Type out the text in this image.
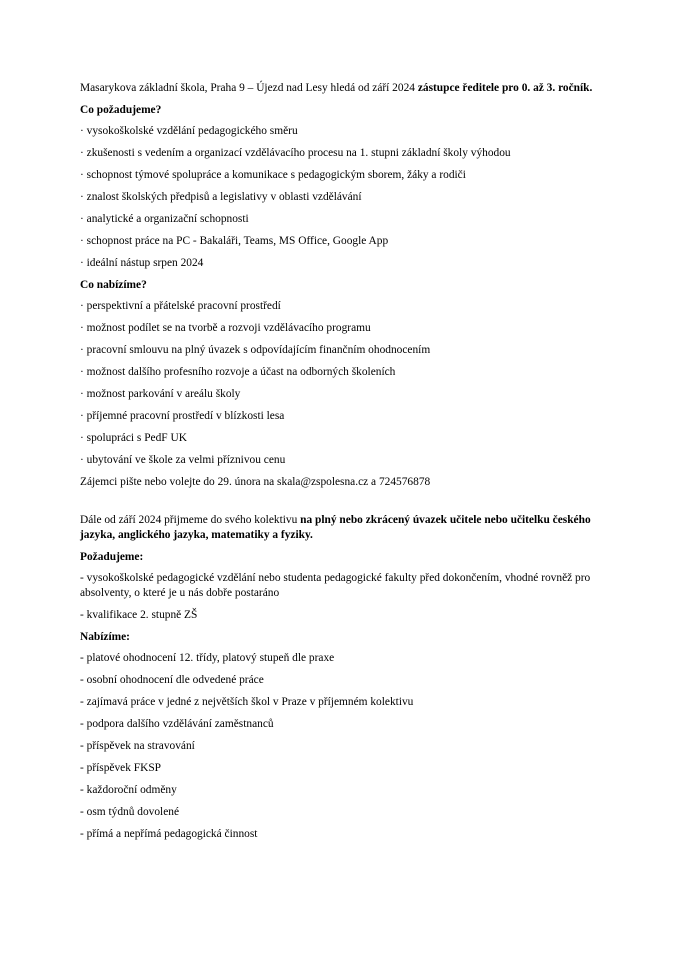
Masarykova základní škola, Praha 9 – Újezd nad Lesy hledá od září 2024 zástupce ředitele pro 0. až 3. ročník.

Co požadujeme?

· vysokoškolské vzdělání pedagogického směru
· zkušenosti s vedením a organizací vzdělávacího procesu na 1. stupni základní školy výhodou
· schopnost týmové spolupráce a komunikace s pedagogickým sborem, žáky a rodiči
· znalost školských předpisů a legislativy v oblasti vzdělávání
· analytické a organizační schopnosti
· schopnost práce na PC - Bakaláři, Teams, MS Office, Google App
· ideální nástup srpen 2024

Co nabízíme?

· perspektivní a přátelské pracovní prostředí
· možnost podílet se na tvorbě a rozvoji vzdělávacího programu
· pracovní smlouvu na plný úvazek s odpovídajícím finančním ohodnocením
· možnost dalšího profesního rozvoje a účast na odborných školeních
· možnost parkování v areálu školy
· příjemné pracovní prostředí v blízkosti lesa
· spolupráci s PedF UK
· ubytování ve škole za velmi příznivou cenu

Zájemci pište nebo volejte do 29. února na skala@zspolesna.cz a 724576878

Dále od září 2024 přijmeme do svého kolektivu na plný nebo zkrácený úvazek učitele nebo učitelku českého jazyka, anglického jazyka, matematiky a fyziky.

Požadujeme:

- vysokoškolské pedagogické vzdělání nebo studenta pedagogické fakulty před dokončením, vhodné rovněž pro absolventy, o které je u nás dobře postaráno
- kvalifikace 2. stupně ZŠ

Nabízíme:

- platové ohodnocení 12. třídy, platový stupeň dle praxe
- osobní ohodnocení dle odvedené práce
- zajímavá práce v jedné z největších škol v Praze v příjemném kolektivu
- podpora dalšího vzdělávání zaměstnanců
- příspěvek na stravování
- příspěvek FKSP
- každoroční odměny
- osm týdnů dovolené
- přímá a nepřímá pedagogická činnost
